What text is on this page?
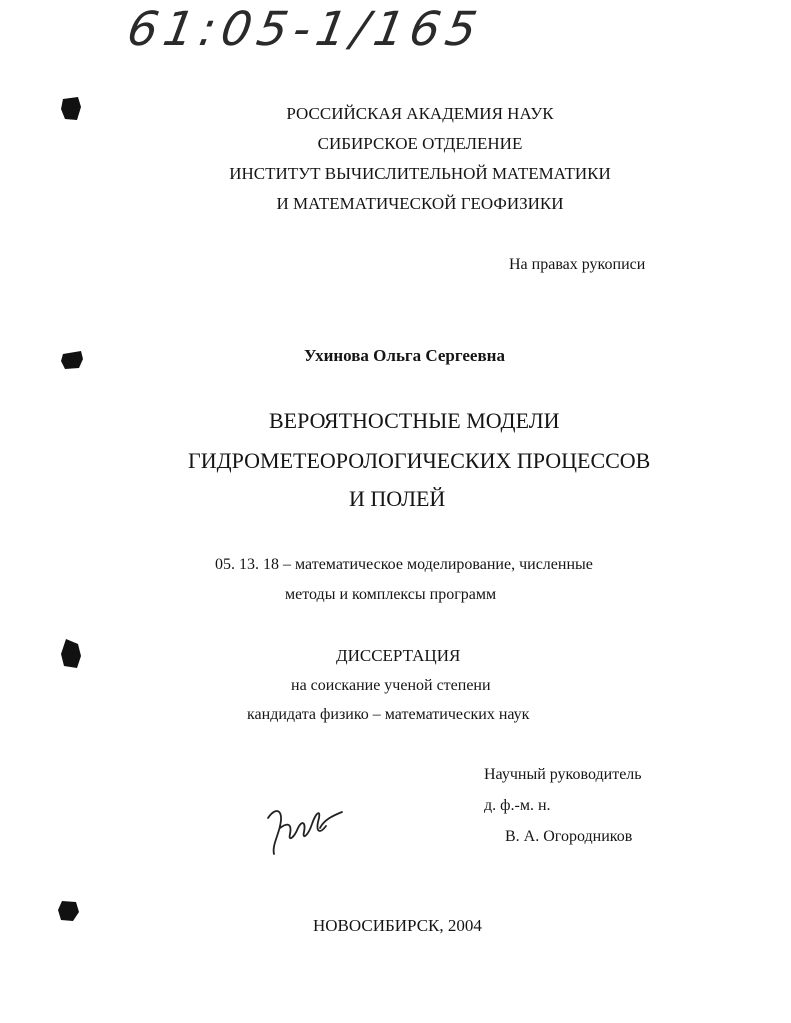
61:05-1/165
РОССИЙСКАЯ АКАДЕМИЯ НАУК
СИБИРСКОЕ ОТДЕЛЕНИЕ
ИНСТИТУТ ВЫЧИСЛИТЕЛЬНОЙ МАТЕМАТИКИ
И МАТЕМАТИЧЕСКОЙ ГЕОФИЗИКИ
На правах рукописи
Ухинова Ольга Сергеевна
ВЕРОЯТНОСТНЫЕ МОДЕЛИ
ГИДРОМЕТЕОРОЛОГИЧЕСКИХ ПРОЦЕССОВ
И ПОЛЕЙ
05. 13. 18 – математическое моделирование, численные
методы и комплексы программ
ДИССЕРТАЦИЯ
на соискание ученой степени
кандидата физико – математических наук
Научный руководитель
д. ф.-м. н.
В. А. Огородников
НОВОСИБИРСК, 2004
